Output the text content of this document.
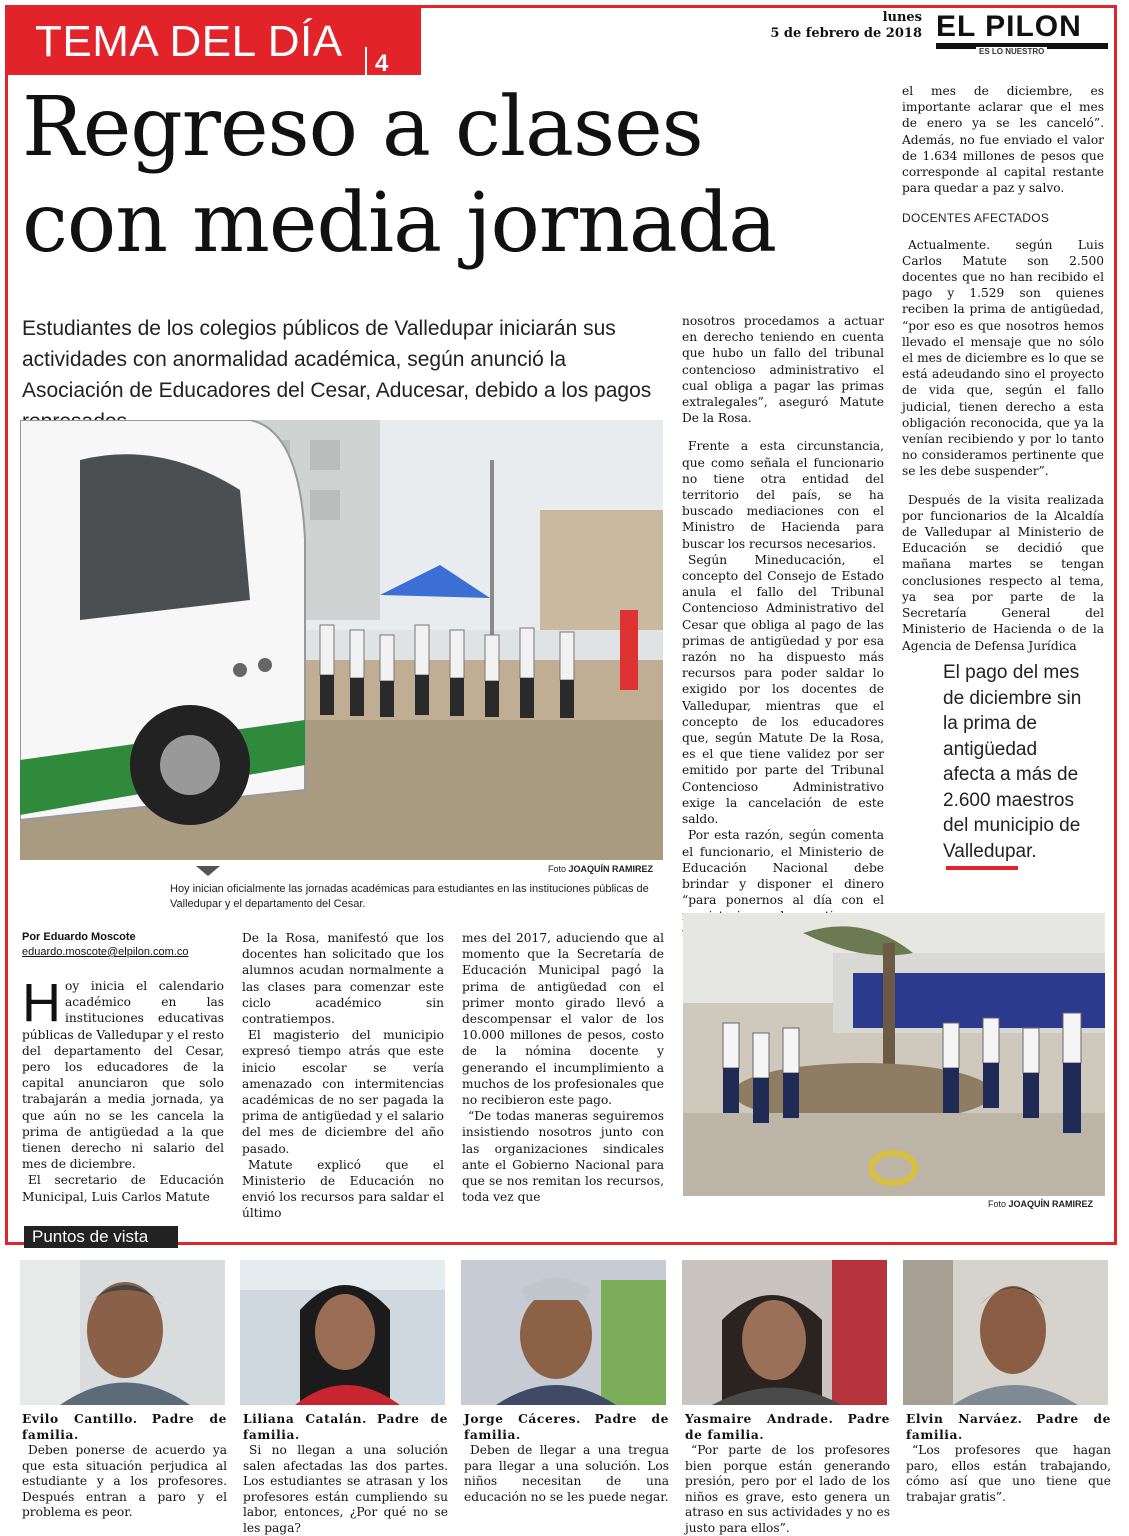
TEMA DEL DÍA 4
lunes
5 de febrero de 2018 EL PILON
ES LO NUESTRO
Regreso a clases
con media jornada
Estudiantes de los colegios públicos de Valledupar iniciarán sus actividades con anormalidad académica, según anunció la Asociación de Educadores del Cesar, Aducesar, debido a los pagos
Foto JOAQUÍN RAMIREZ
Hoy inician oficialmente las jornadas académicas para estudiantes en las instituciones públicas de Valledupar y el departamento del Cesar.

nosotros procedamos a actuar en derecho teniendo en cuenta que hubo un fallo del tribunal contencioso administrativo el cual obliga a pagar las primas extralegales”, aseguró Matute De la Rosa.

Frente a esta circunstancia, que como señala el funcionario no tiene otra entidad del territorio del país, se ha buscado mediaciones con el Ministro de Hacienda para buscar los recursos necesarios.

Según Mineducación, el concepto del Consejo de Estado anula el fallo del Tribunal Contencioso Administrativo del Cesar que obliga al pago de las primas de antigüedad y por esa razón no ha dispuesto más recursos para poder saldar lo exigido por los docentes de Valledupar, mientras que el concepto de los educadores que, según Matute De la Rosa, es el que tiene validez por ser emitido por parte del Tribunal Contencioso Administrativo exige la cancelación de este saldo.

Por esta razón, según comenta el funcionario, el Ministerio de Educación Nacional debe brindar y disponer el dinero “para ponernos al día con el

el mes de diciembre, es importante aclarar que el mes de enero ya se les canceló”. Además, no fue enviado el valor de 1.634 millones de pesos que corresponde al capital restante para quedar a paz y salvo.

DOCENTES AFECTADOS

Actualmente. según Luis Carlos Matute son 2.500 docentes que no han recibido el pago y 1.529 son quienes reciben la prima de antigüedad, “por eso es que nosotros hemos llevado el mensaje que no sólo el mes de diciembre es lo que se está adeudando sino el proyecto de vida que, según el fallo judicial, tienen derecho a esta obligación reconocida, que ya la venían recibiendo y por lo tanto no consideramos pertinente que se les debe suspender”.

Después de la visita realizada por funcionarios de la Alcaldía de Valledupar al Ministerio de Educación se decidió que mañana martes se tengan conclusiones respecto al tema, ya sea por parte de la Secretaría General del Ministerio de Hacienda o de la Agencia de Defensa Jurídica

El pago del mes de diciembre sin la prima de antigüedad afecta a más de 2.600 maestros del municipio de Valledupar.
Por Eduardo Moscote
eduardo.moscote@elpilon.com.co

Hoy inicia el calendario académico en las instituciones educativas públicas de Valledupar y el resto del departamento del Cesar, pero los educadores de la capital anunciaron que solo trabajarán a media jornada, ya que aún no se les cancela la prima de antigüedad a la que tienen derecho ni salario del mes de diciembre.

El secretario de Educación Municipal, Luis Carlos Matute

De la Rosa, manifestó que los docentes han solicitado que los alumnos acudan normalmente a las clases para comenzar este ciclo académico sin contratiempos.

El magisterio del municipio expresó tiempo atrás que este inicio escolar se vería amenazado con intermitencias académicas de no ser pagada la prima de antigüedad y el salario del mes de diciembre del año pasado.

Matute explicó que el Ministerio de Educación no envió los recursos para saldar el último

mes del 2017, aduciendo que al momento que la Secretaría de Educación Municipal pagó la prima de antigüedad con el primer monto girado llevó a descompensar el valor de los 10.000 millones de pesos, costo de la nómina docente y generando el incumplimiento a muchos de los profesionales que no recibieron este pago.

“De todas maneras seguiremos insistiendo nosotros junto con las organizaciones sindicales ante el Gobierno Nacional para que se nos remitan los recursos, toda vez que	Foto JOAQUÍN RAMIREZ
Puntos de vista
Evilo Cantillo. Padre de familia.

Deben ponerse de acuerdo ya que esta situación perjudica al estudiante y a los profesores. Después entran a paro y el problema es peor.

Liliana Catalán. Padre de familia.

Si no llegan a una solución salen afectadas las dos partes. Los estudiantes se atrasan y los profesores están cumpliendo su labor, entonces, ¿Por qué no se les paga?

Jorge Cáceres. Padre de familia.

Deben de llegar a una tregua para llegar a una solución. Los niños necesitan de una educación no se les puede negar.

Yasmaire Andrade. Padre de familia.

“Por parte de los profesores bien porque están generando presión, pero por el lado de los niños es grave, esto genera un atraso en sus actividades y no es justo para ellos”.

Elvin Narváez. Padre de familia.

“Los profesores que hagan paro, ellos están trabajando, cómo así que uno tiene que trabajar gratis”.
